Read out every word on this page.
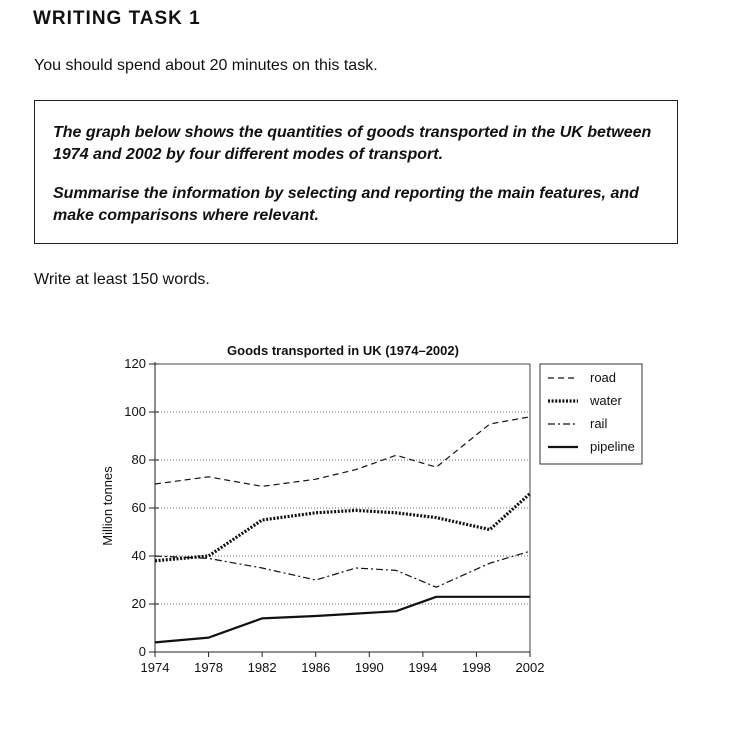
WRITING TASK 1
You should spend about 20 minutes on this task.

The graph below shows the quantities of goods transported in the UK between 1974 and 2002 by four different modes of transport.

Summarise the information by selecting and reporting the main features, and make comparisons where relevant.

Write at least 150 words.
0
20
40
60
80
100
120
1974 1978 1982 1986 1990 1994 1998 2002
road
water
rail
pipeline
Goods transported in UK (1974–2002)
Million tonnes
